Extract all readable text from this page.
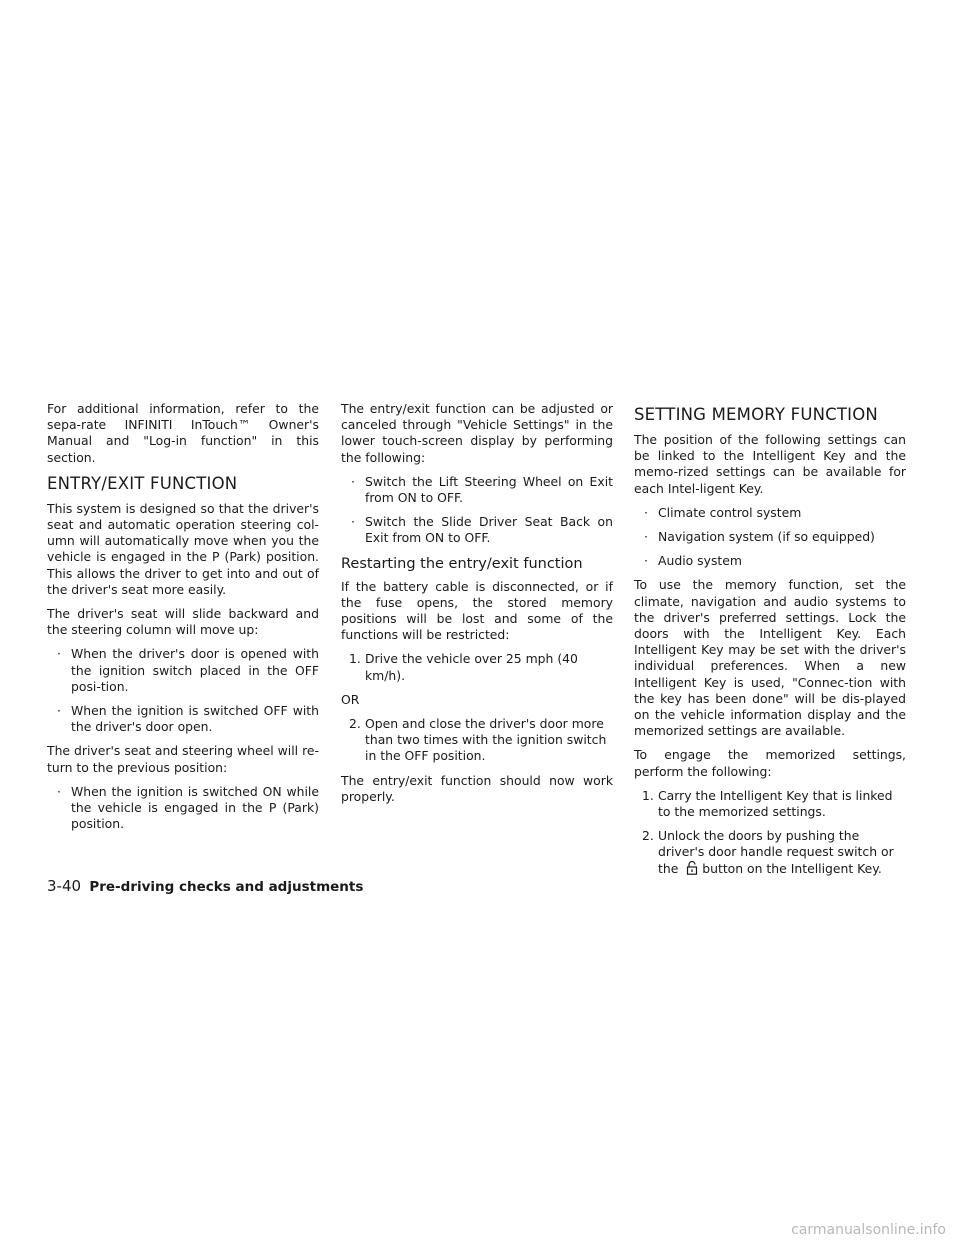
For additional information, refer to the sepa-rate INFINITI InTouch™ Owner's Manual and "Log-in function" in this section.

ENTRY/EXIT FUNCTION

This system is designed so that the driver's seat and automatic operation steering col-umn will automatically move when you the vehicle is engaged in the P (Park) position. This allows the driver to get into and out of the driver's seat more easily.

The driver's seat will slide backward and the steering column will move up:

· When the driver's door is opened with the ignition switch placed in the OFF posi-tion.
· When the ignition is switched OFF with the driver's door open.

The driver's seat and steering wheel will re-turn to the previous position:

· When the ignition is switched ON while the vehicle is engaged in the P (Park) position.

The entry/exit function can be adjusted or canceled through "Vehicle Settings" in the lower touch-screen display by performing the following:

· Switch the Lift Steering Wheel on Exit from ON to OFF.
· Switch the Slide Driver Seat Back on Exit from ON to OFF.
Restarting the entry/exit function

If the battery cable is disconnected, or if the fuse opens, the stored memory positions will be lost and some of the functions will be restricted:

1. Drive the vehicle over 25 mph (40 km/h).

OR

2. Open and close the driver's door more than two times with the ignition switch in the OFF position.

The entry/exit function should now work properly.

SETTING MEMORY FUNCTION

The position of the following settings can be linked to the Intelligent Key and the memo-rized settings can be available for each Intel-ligent Key.

· Climate control system
· Navigation system (if so equipped)
· Audio system

To use the memory function, set the climate, navigation and audio systems to the driver's preferred settings. Lock the doors with the Intelligent Key. Each Intelligent Key may be set with the driver's individual preferences. When a new Intelligent Key is used, "Connec-tion with the key has been done" will be dis-played on the vehicle information display and the memorized settings are available.

To engage the memorized settings, perform the following:

1. Carry the Intelligent Key that is linked to the memorized settings.
2. Unlock the doors by pushing the driver's door handle request switch or the button on the Intelligent Key.
3-40 Pre-driving checks and adjustments
carmanualsonline.info
